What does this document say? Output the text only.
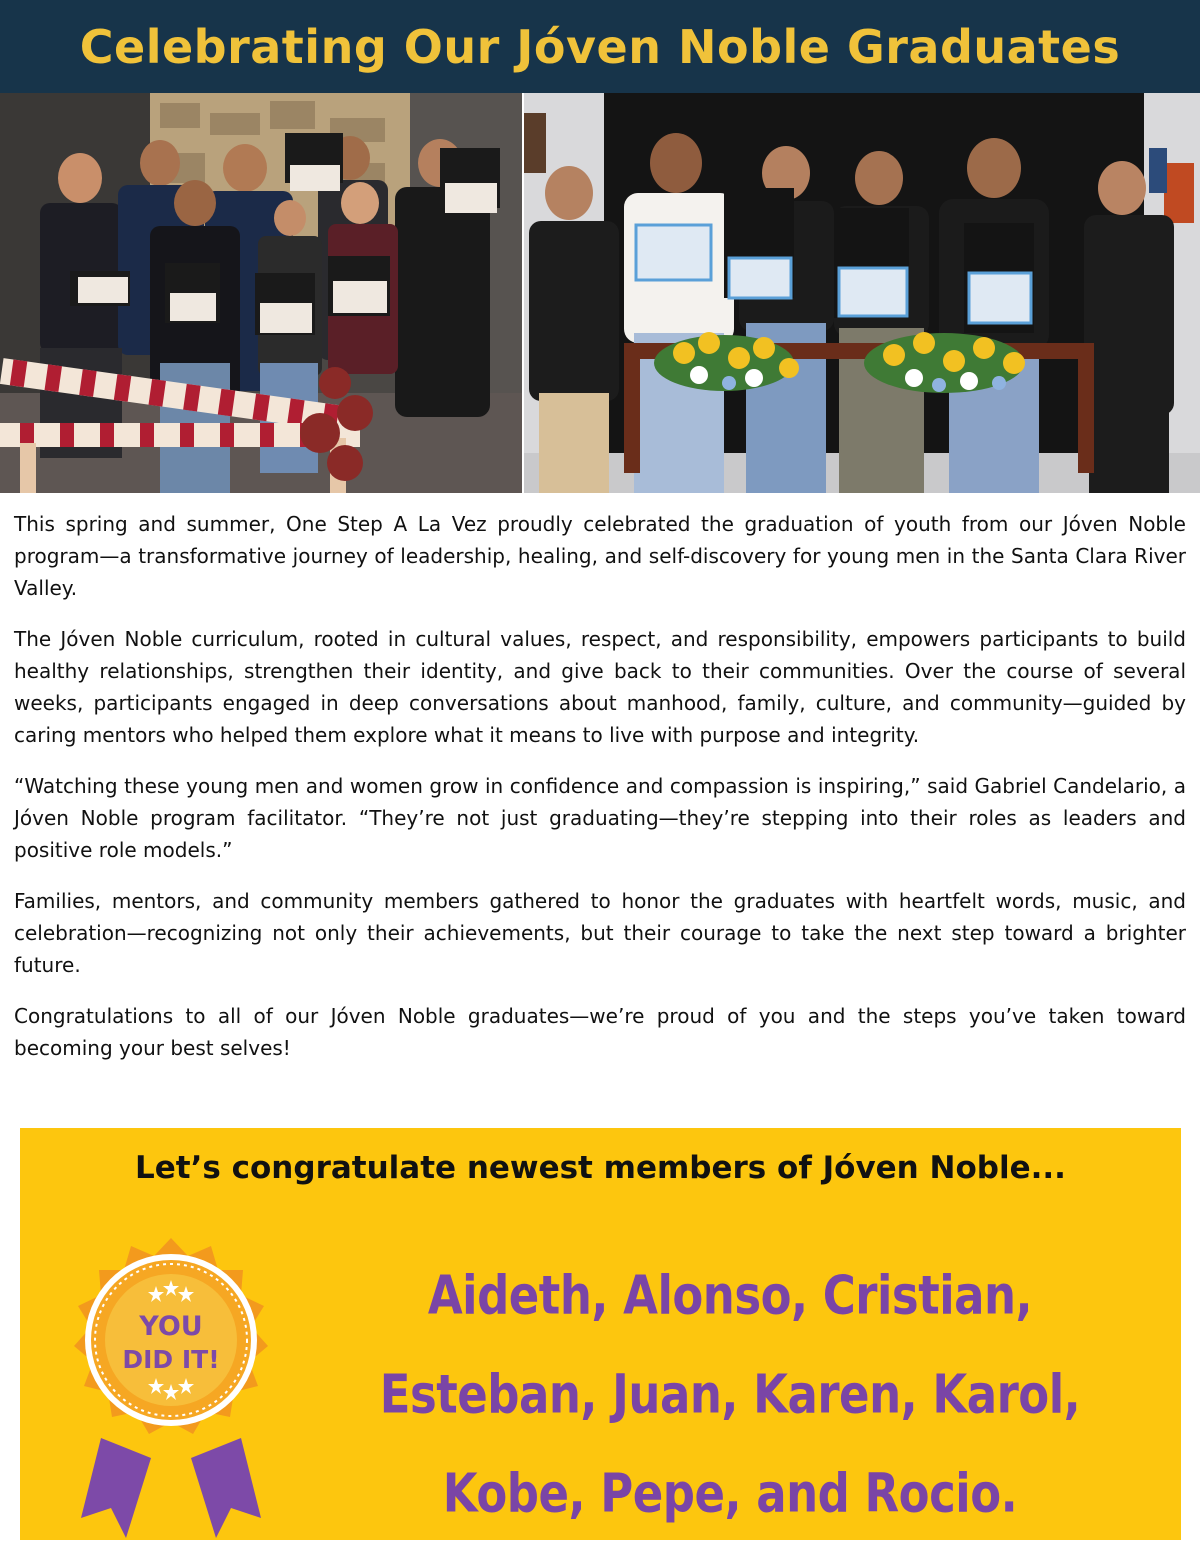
Celebrating Our Jóven Noble Graduates

This spring and summer, One Step A La Vez proudly celebrated the graduation of youth from our Jóven Noble program—a transformative journey of leadership, healing, and self-discovery for young men in the Santa Clara River Valley.

The Jóven Noble curriculum, rooted in cultural values, respect, and responsibility, empowers participants to build healthy relationships, strengthen their identity, and give back to their communities. Over the course of several weeks, participants engaged in deep conversations about manhood, family, culture, and community—guided by caring mentors who helped them explore what it means to live with purpose and integrity.

“Watching these young men and women grow in confidence and compassion is inspiring,” said Gabriel Candelario, a Jóven Noble program facilitator. “They’re not just graduating—they’re stepping into their roles as leaders and positive role models.”

Families, mentors, and community members gathered to honor the graduates with heartfelt words, music, and celebration—recognizing not only their achievements, but their courage to take the next step toward a brighter future.

Congratulations to all of our Jóven Noble graduates—we’re proud of you and the steps you’ve taken toward becoming your best selves!

Let’s congratulate newest members of Jóven Noble...
YOU
DID IT!
Aideth, Alonso, Cristian,
Esteban, Juan, Karen, Karol,
Kobe, Pepe, and Rocio.
